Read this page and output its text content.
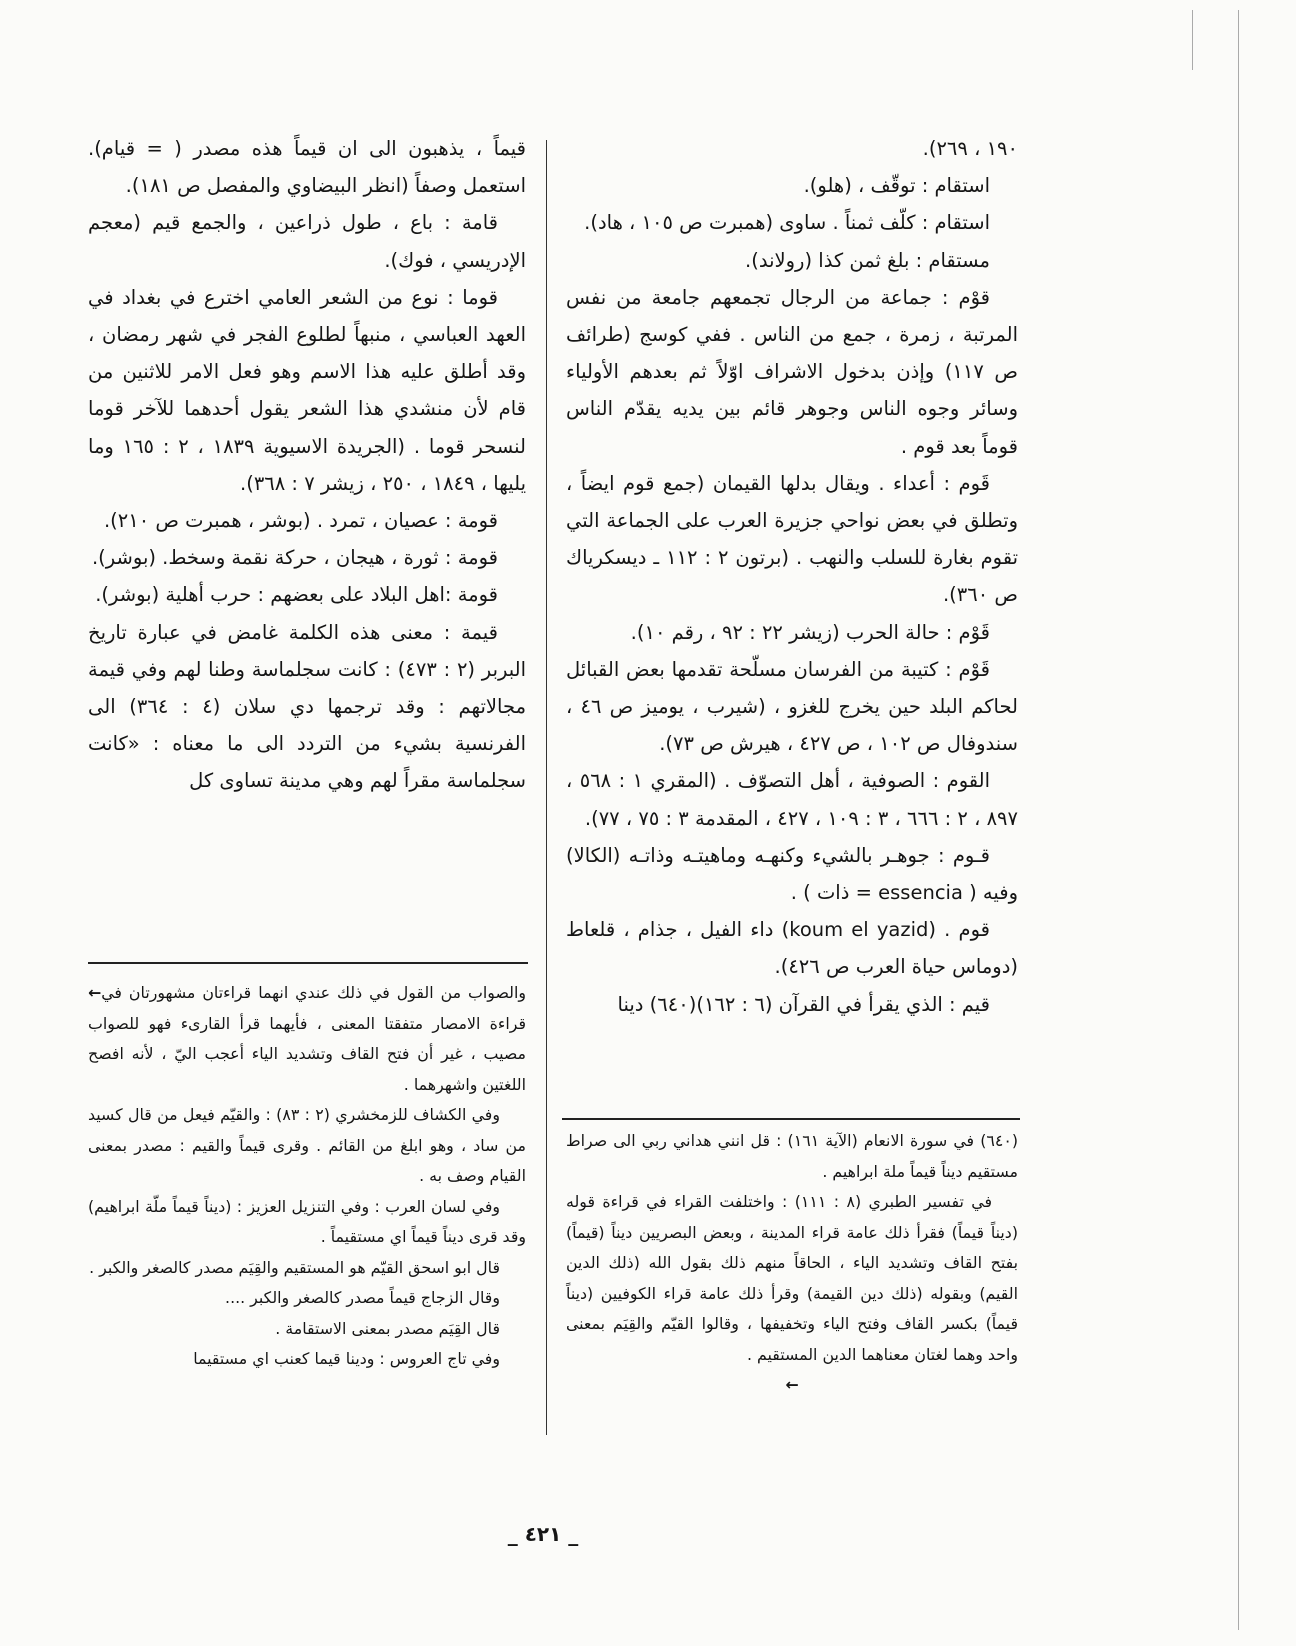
١٩٠ ، ٢٦٩).

استقام : توقّف ، (هلو).

استقام : كلّف ثمناً . ساوى (همبرت ص ١٠٥ ، هاد).

مستقام : بلغ ثمن كذا (رولاند).

قوْم : جماعة من الرجال تجمعهم جامعة من نفس المرتبة ، زمرة ، جمع من الناس . ففي كوسج (طرائف ص ١١٧) وإذن بدخول الاشراف اوّلاً ثم بعدهم الأولياء وسائر وجوه الناس وجوهر قائم بين يديه يقدّم الناس قوماً بعد قوم .

قَوم : أعداء . ويقال بدلها القيمان (جمع قوم ايضاً ، وتطلق في بعض نواحي جزيرة العرب على الجماعة التي تقوم بغارة للسلب والنهب . (برتون ٢ : ١١٢ ـ ديسكرياك ص ٣٦٠).

قَوْم : حالة الحرب (زيشر ٢٢ : ٩٢ ، رقم ١٠).

قَوْم : كتيبة من الفرسان مسلّحة تقدمها بعض القبائل لحاكم البلد حين يخرج للغزو ، (شيرب ، يوميز ص ٤٦ ، سندوفال ص ١٠٢ ، ص ٤٢٧ ، هيرش ص ٧٣).

القوم : الصوفية ، أهل التصوّف . (المقري ١ : ٥٦٨ ، ٨٩٧ ، ٢ : ٦٦٦ ، ٣ : ١٠٩ ، ٤٢٧ ، المقدمة ٣ : ٧٥ ، ٧٧).

قـوم : جوهـر بالشيء وكنهـه وماهيتـه وذاتـه (الكالا) وفيه ( essencia = ذات ) .

قوم . (koum el yazid) داء الفيل ، جذام ، قلعاط (دوماس حياة العرب ص ٤٢٦).

قيم : الذي يقرأ في القرآن (٦ : ١٦٢)(٦٤٠) دينا

قيماً ، يذهبون الى ان قيماً هذه مصدر ( = قيام). استعمل وصفاً (انظر البيضاوي والمفصل ص ١٨١).

قامة : باع ، طول ذراعين ، والجمع قيم (معجم الإدريسي ، فوك).

قوما : نوع من الشعر العامي اخترع في بغداد في العهد العباسي ، منبهاً لطلوع الفجر في شهر رمضان ، وقد أطلق عليه هذا الاسم وهو فعل الامر للاثنين من قام لأن منشدي هذا الشعر يقول أحدهما للآخر قوما لنسحر قوما . (الجريدة الاسيوية ١٨٣٩ ، ٢ : ١٦٥ وما يليها ، ١٨٤٩ ، ٢٥٠ ، زيشر ٧ : ٣٦٨).

قومة : عصيان ، تمرد . (بوشر ، همبرت ص ٢١٠).

قومة : ثورة ، هيجان ، حركة نقمة وسخط. (بوشر).

قومة :اهل البلاد على بعضهم : حرب أهلية (بوشر).

قيمة : معنى هذه الكلمة غامض في عبارة تاريخ البربر (٢ : ٤٧٣) : كانت سجلماسة وطنا لهم وفي قيمة مجالاتهم : وقد ترجمها دي سلان (٤ : ٣٦٤) الى الفرنسية بشيء من التردد الى ما معناه : «كانت سجلماسة مقراً لهم وهي مدينة تساوى كل

← والصواب من القول في ذلك عندي انهما قراءتان مشهورتان في قراءة الامصار متفقتا المعنى ، فأيهما قرأ القارىء فهو للصواب مصيب ، غير أن فتح القاف وتشديد الياء أعجب اليّ ، لأنه افصح اللغتين واشهرهما .

وفي الكشاف للزمخشري (٢ : ٨٣) : والقيّم فيعل من قال كسيد من ساد ، وهو ابلغ من القائم . وقرى قيماً والقيم : مصدر بمعنى القيام وصف به .

وفي لسان العرب : وفي التنزيل العزيز : (ديناً قيماً ملّة ابراهيم) وقد قرى ديناً قيماً اي مستقيماً .

قال ابو اسحق القيّم هو المستقيم والقِيَم مصدر كالصغر والكبر .

وقال الزجاج قيماً مصدر كالصغر والكبر ....

قال القِيَم مصدر بمعنى الاستقامة .

وفي تاج العروس : ودينا قيما كعنب اي مستقيما

(٦٤٠) في سورة الانعام (الآية ١٦١) : قل انني هداني ربي الى صراط مستقيم ديناً قيماً ملة ابراهيم .

في تفسير الطبري (٨ : ١١١) : واختلفت القراء في قراءة قوله (ديناً قيماً) فقرأ ذلك عامة قراء المدينة ، وبعض البصريين ديناً (قيماً) بفتح القاف وتشديد الياء ، الحاقاً منهم ذلك بقول الله (ذلك الدين القيم) وبقوله (ذلك دين القيمة) وقرأ ذلك عامة قراء الكوفيين (ديناً قيماً) بكسر القاف وفتح الياء وتخفيفها ، وقالوا القيّم والقِيَم بمعنى واحد وهما لغتان معناهما الدين المستقيم .

←

_ ٤٢١ _
